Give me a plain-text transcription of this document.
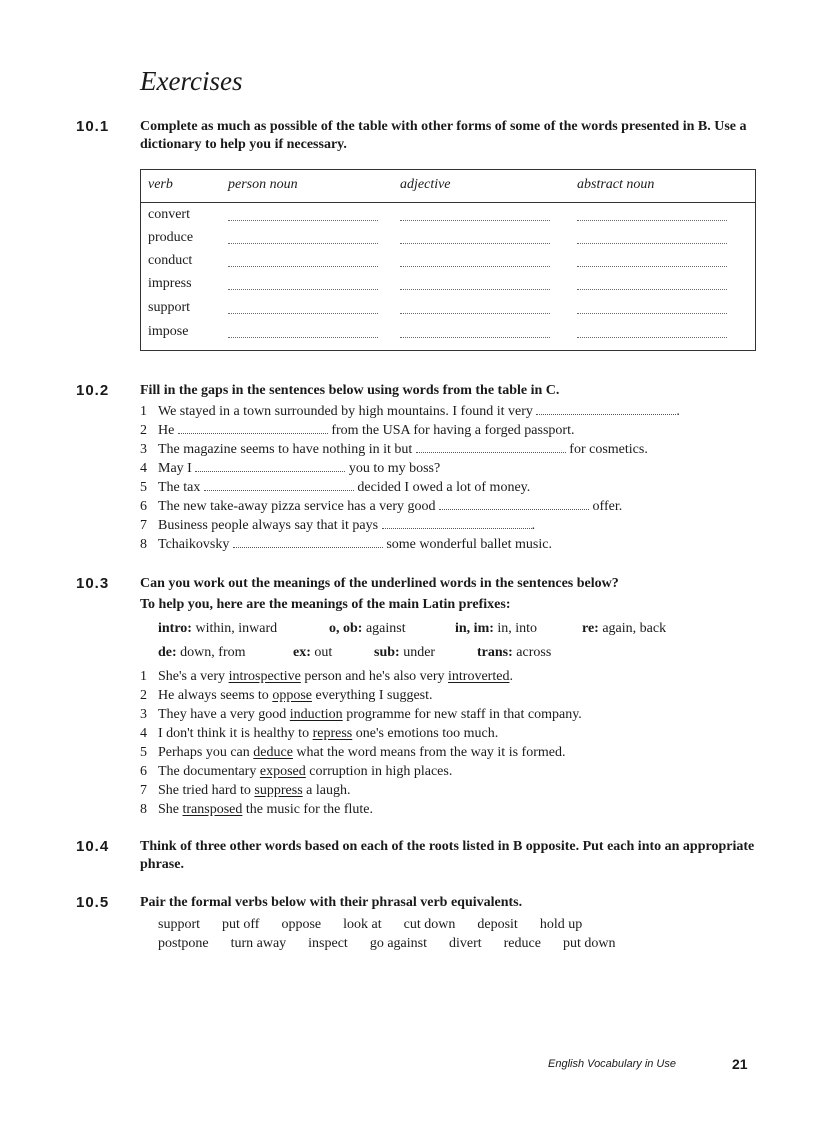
Exercises
10.1 Complete as much as possible of the table with other forms of some of the words presented in B. Use a dictionary to help you if necessary.
verb	person noun	adjective	abstract noun
convert
produce
conduct
impress
support
impose
10.2 Fill in the gaps in the sentences below using words from the table in C.
1 We stayed in a town surrounded by high mountains. I found it very	.
2 He	from the USA for having a forged passport.
3 The magazine seems to have nothing in it but	for cosmetics.
4 May I	you to my boss?
5 The tax	decided I owed a lot of money.
6 The new take-away pizza service has a very good	offer.
7 Business people always say that it pays	.
8 Tchaikovsky	some wonderful ballet music.
10.3 Can you work out the meanings of the underlined words in the sentences below?
To help you, here are the meanings of the main Latin prefixes:
intro: within, inward	o, ob: against	in, im: in, into	re: again, back
de: down, from	ex: out	sub: under	trans: across
1 She's a very introspective person and he's also very introverted.
2 He always seems to oppose everything I suggest.
3 They have a very good induction programme for new staff in that company.
4 I don't think it is healthy to repress one's emotions too much.
5 Perhaps you can deduce what the word means from the way it is formed.
6 The documentary exposed corruption in high places.
7 She tried hard to suppress a laugh.
8 She transposed the music for the flute.
10.4 Think of three other words based on each of the roots listed in B opposite. Put each into an appropriate phrase.
10.5 Pair the formal verbs below with their phrasal verb equivalents.
support put off oppose look at cut down deposit hold up
postpone turn away inspect go against divert reduce put down
English Vocabulary in Use	21
